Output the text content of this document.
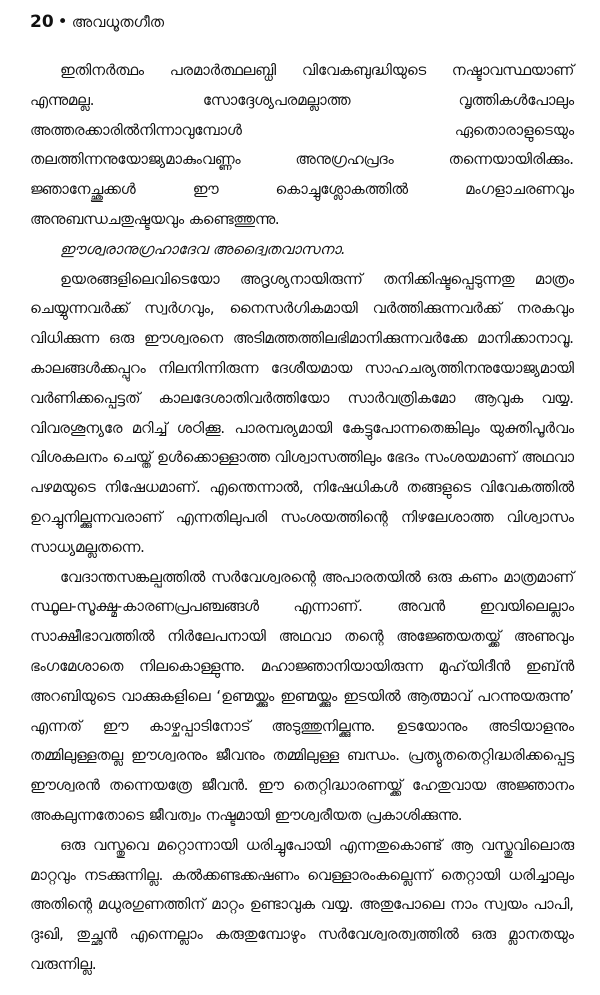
20 • അവധൂതഗീത

ഇതിനർത്ഥം പരമാർത്ഥലബ്ധി വിവേകബുദ്ധിയുടെ നഷ്ടാവസ്ഥയാണ് എന്നുമല്ല. സോദ്ദേശ്യപരമല്ലാത്ത വൃത്തികൾപോലും അത്തരക്കാരിൽനിന്നാവുമ്പോൾ ഏതൊരാളുടെയും തലത്തിന്നനുയോജ്യമാകുംവണ്ണം അനുഗ്രഹപ്രദം തന്നെയായിരിക്കും. ജ്ഞാനേച്ഛുക്കൾ ഈ കൊച്ചുശ്ലോകത്തിൽ മംഗളാചരണവും അനുബന്ധചതുഷ്ടയവും കണ്ടെത്തുന്നു.

ഈശ്വരാനുഗ്രഹാദേവ അദ്വൈതവാസനാ.

ഉയരങ്ങളിലെവിടെയോ അദൃശ്യനായിരുന്ന് തനിക്കിഷ്ടപ്പെടുന്നതു മാത്രം ചെയ്യുന്നവർക്ക് സ്വർഗവും, നൈസർഗികമായി വർത്തിക്കുന്നവർക്ക് നരകവും വിധിക്കുന്ന ഒരു ഈശ്വരനെ അടിമത്തത്തിലഭിമാനിക്കുന്നവർക്കേ മാനിക്കാനാവൂ. കാലങ്ങൾക്കപ്പുറം നിലനിന്നിരുന്ന ദേശീയമായ സാഹചര്യത്തിനനുയോജ്യമായി വർണിക്കപ്പെട്ടത് കാലദേശാതിവർത്തിയോ സാർവത്രികമോ ആവുക വയ്യ. വിവരശൂന്യരേ മറിച്ച് ശഠിക്കൂ. പാരമ്പര്യമായി കേട്ടുപോന്നതെങ്കിലും യുക്തിപൂർവം വിശകലനം ചെയ്ത് ഉൾക്കൊള്ളാത്ത വിശ്വാസത്തിലും ഭേദം സംശയമാണ് അഥവാ പഴമയുടെ നിഷേധമാണ്. എന്തെന്നാൽ, നിഷേധികൾ തങ്ങളുടെ വിവേകത്തിൽ ഉറച്ചുനില്ക്കുന്നവരാണ് എന്നതിലുപരി സംശയത്തിന്റെ നിഴലേശാത്ത വിശ്വാസം സാധ്യമല്ലതന്നെ.

വേദാന്തസങ്കല്പത്തിൽ സർവേശ്വരന്റെ അപാരതയിൽ ഒരു കണം മാത്രമാണ് സ്ഥൂല-സൂക്ഷ്മ-കാരണപ്രപഞ്ചങ്ങൾ എന്നാണ്. അവൻ ഇവയിലെല്ലാം സാക്ഷീഭാവത്തിൽ നിർലേപനായി അഥവാ തന്റെ അജ്ഞേയതയ്ക്ക് അണുവും ഭംഗമേശാതെ നിലകൊള്ളുന്നു. മഹാജ്ഞാനിയായിരുന്ന മുഹ്‌യിദീൻ ഇബ്ൻ അറബിയുടെ വാക്കുകളിലെ ‘ഉണ്മയ്ക്കും ഇണ്മയ്ക്കും ഇടയിൽ ആത്മാവ് പറന്നുയരുന്നു’ എന്നത് ഈ കാഴ്ചപ്പാടിനോട് അടുത്തുനില്ക്കുന്നു. ഉടയോനും അടിയാളനും തമ്മിലുള്ളതല്ല ഈശ്വരനും ജീവനും തമ്മിലുള്ള ബന്ധം. പ്രത്യുതതെറ്റിദ്ധരിക്കപ്പെട്ട ഈശ്വരൻ തന്നെയത്രേ ജീവൻ. ഈ തെറ്റിദ്ധാരണയ്ക്ക് ഹേതുവായ അജ്ഞാനം അകലുന്നതോടെ ജീവത്വം നഷ്ടമായി ഈശ്വരീയത പ്രകാശിക്കുന്നു.

ഒരു വസ്തുവെ മറ്റൊന്നായി ധരിച്ചുപോയി എന്നതുകൊണ്ട് ആ വസ്തുവിലൊരു മാറ്റവും നടക്കുന്നില്ല. കൽക്കണ്ടക്കഷണം വെള്ളാരംകല്ലെന്ന് തെറ്റായി ധരിച്ചാലും അതിന്റെ മധുരഗുണത്തിന് മാറ്റം ഉണ്ടാവുക വയ്യ. അതുപോലെ നാം സ്വയം പാപി, ദുഃഖി, തുച്ഛൻ എന്നെല്ലാം കരുതുമ്പോഴും സർവേശ്വരത്വത്തിൽ ഒരു മ്ലാനതയും വരുന്നില്ല.
